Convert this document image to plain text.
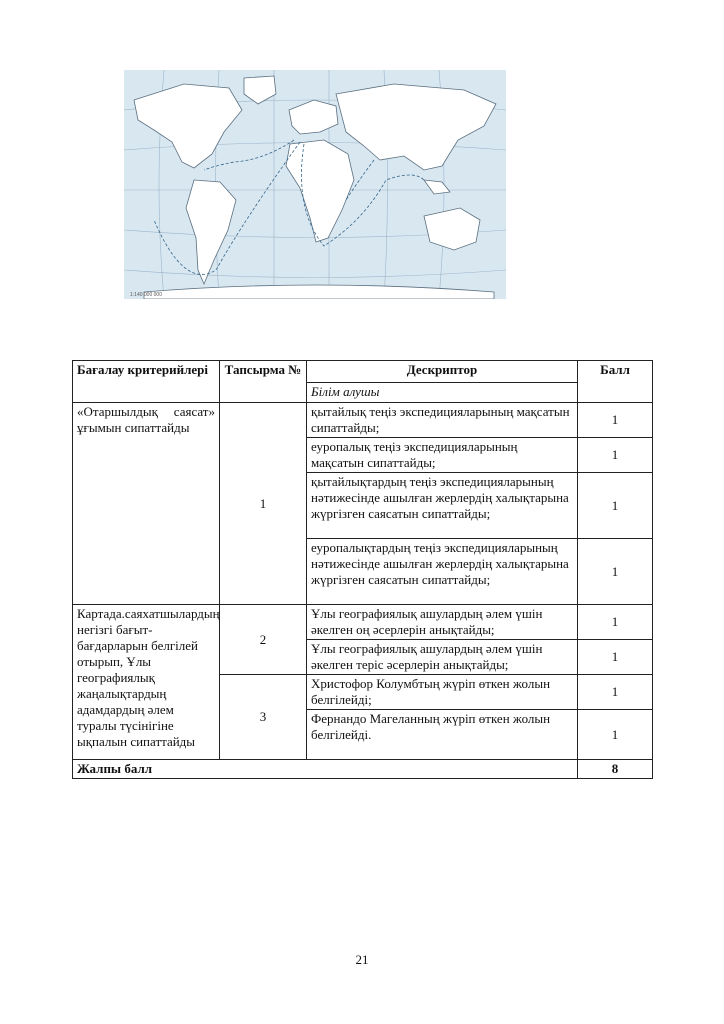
1:140 000 000
Бағалау критерийлері	Тапсырма №	Дескриптор	Балл
		Білім алушы	
«Отаршылдық саясат» ұғымын сипаттайды	1	қытайлық теңіз экспедицияларының мақсатын сипаттайды;	1
		еуропалық теңіз экспедицияларының мақсатын сипаттайды;	1
		қытайлықтардың теңіз экспедицияларының нәтижесінде ашылған жерлердің халықтарына жүргізген саясатын сипаттайды;	1
		еуропалықтардың теңіз экспедицияларының нәтижесінде ашылған жерлердің халықтарына жүргізген саясатын сипаттайды;	1
Картада.саяхатшылардың негізгі бағыт-бағдарларын белгілей отырып, Ұлы географиялық жаңалықтардың адамдардың әлем туралы түсінігіне ықпалын сипаттайды	2	Ұлы географиялық ашулардың әлем үшін әкелген оң әсерлерін анықтайды;	1
		Ұлы географиялық ашулардың әлем үшін әкелген теріс әсерлерін анықтайды;	1
	3	Христофор Колумбтың жүріп өткен жолын белгілейді;	1
		Фернандо Магеланның жүріп өткен жолын белгілейді.	1
Жалпы балл			8
21
